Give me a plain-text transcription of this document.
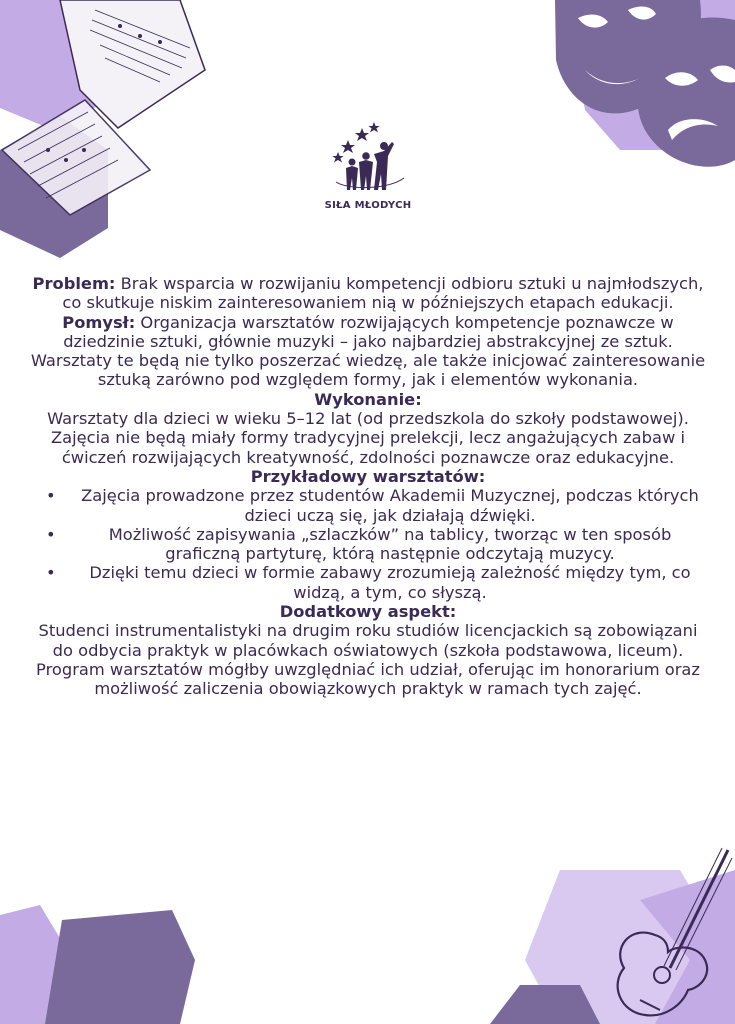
SIŁA MŁODYCH

Problem: Brak wsparcia w rozwijaniu kompetencji odbioru sztuki u najmłodszych, co skutkuje niskim zainteresowaniem nią w późniejszych etapach edukacji.

Pomysł: Organizacja warsztatów rozwijających kompetencje poznawcze w dziedzinie sztuki, głównie muzyki – jako najbardziej abstrakcyjnej ze sztuk. Warsztaty te będą nie tylko poszerzać wiedzę, ale także inicjować zainteresowanie sztuką zarówno pod względem formy, jak i elementów wykonania.

Wykonanie:

Warsztaty dla dzieci w wieku 5–12 lat (od przedszkola do szkoły podstawowej). Zajęcia nie będą miały formy tradycyjnej prelekcji, lecz angażujących zabaw i ćwiczeń rozwijających kreatywność, zdolności poznawcze oraz edukacyjne.

Przykładowy warsztatów:

• Zajęcia prowadzone przez studentów Akademii Muzycznej, podczas których dzieci uczą się, jak działają dźwięki.
• Możliwość zapisywania „szlaczków” na tablicy, tworząc w ten sposób graficzną partyturę, którą następnie odczytają muzycy.
• Dzięki temu dzieci w formie zabawy zrozumieją zależność między tym, co widzą, a tym, co słyszą.

Dodatkowy aspekt:

Studenci instrumentalistyki na drugim roku studiów licencjackich są zobowiązani do odbycia praktyk w placówkach oświatowych (szkoła podstawowa, liceum). Program warsztatów mógłby uwzględniać ich udział, oferując im honorarium oraz możliwość zaliczenia obowiązkowych praktyk w ramach tych zajęć.
